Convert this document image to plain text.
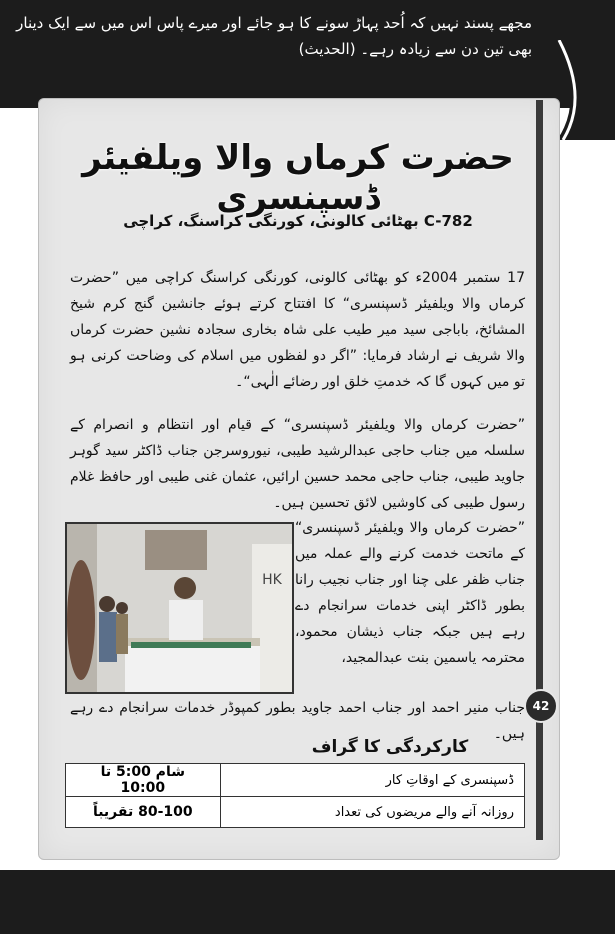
مجھے پسند نہیں کہ اُحد پہاڑ سونے کا ہو جائے اور میرے پاس اس میں سے ایک دینار بھی تین دن سے زیادہ رہے۔ (الحدیث)
42
حضرت کرماں والا ویلفیئر ڈسپنسری
C-782 بھٹائی کالونی، کورنگی کراسنگ، کراچی
17 ستمبر 2004ء کو بھٹائی کالونی، کورنگی کراسنگ کراچی میں ”حضرت کرماں والا ویلفیئر ڈسپنسری“ کا افتتاح کرتے ہوئے جانشین گنج کرم شیخ المشائخ، باباجی سید میر طیب علی شاہ بخاری سجادہ نشین حضرت کرماں والا شریف نے ارشاد فرمایا: ”اگر دو لفظوں میں اسلام کی وضاحت کرنی ہو تو میں کہوں گا کہ خدمتِ خلق اور رضائے الٰہی“۔
”حضرت کرماں والا ویلفیئر ڈسپنسری“ کے قیام اور انتظام و انصرام کے سلسلہ میں جناب حاجی عبدالرشید طیبی، نیوروسرجن جناب ڈاکٹر سید گوہر جاوید طیبی، جناب حاجی محمد حسین ارائیں، عثمان غنی طیبی اور حافظ غلام رسول طیبی کی کاوشیں لائق تحسین ہیں۔
”حضرت کرماں والا ویلفیئر ڈسپنسری“ کے ماتحت خدمت کرنے والے عملہ میں جناب ظفر علی چنا اور جناب نجیب رانا بطور ڈاکٹر اپنی خدمات سرانجام دے رہے ہیں جبکہ جناب ذیشان محمود، محترمہ یاسمین بنت عبدالمجید،
جناب منیر احمد اور جناب احمد جاوید بطور کمپوڈر خدمات سرانجام دے رہے ہیں۔
HK
کارکردگی کا گراف
ڈسپنسری کے اوقاتِ کار	شام 5:00 تا 10:00
روزانہ آنے والے مریضوں کی تعداد	80-100 تقریباً
